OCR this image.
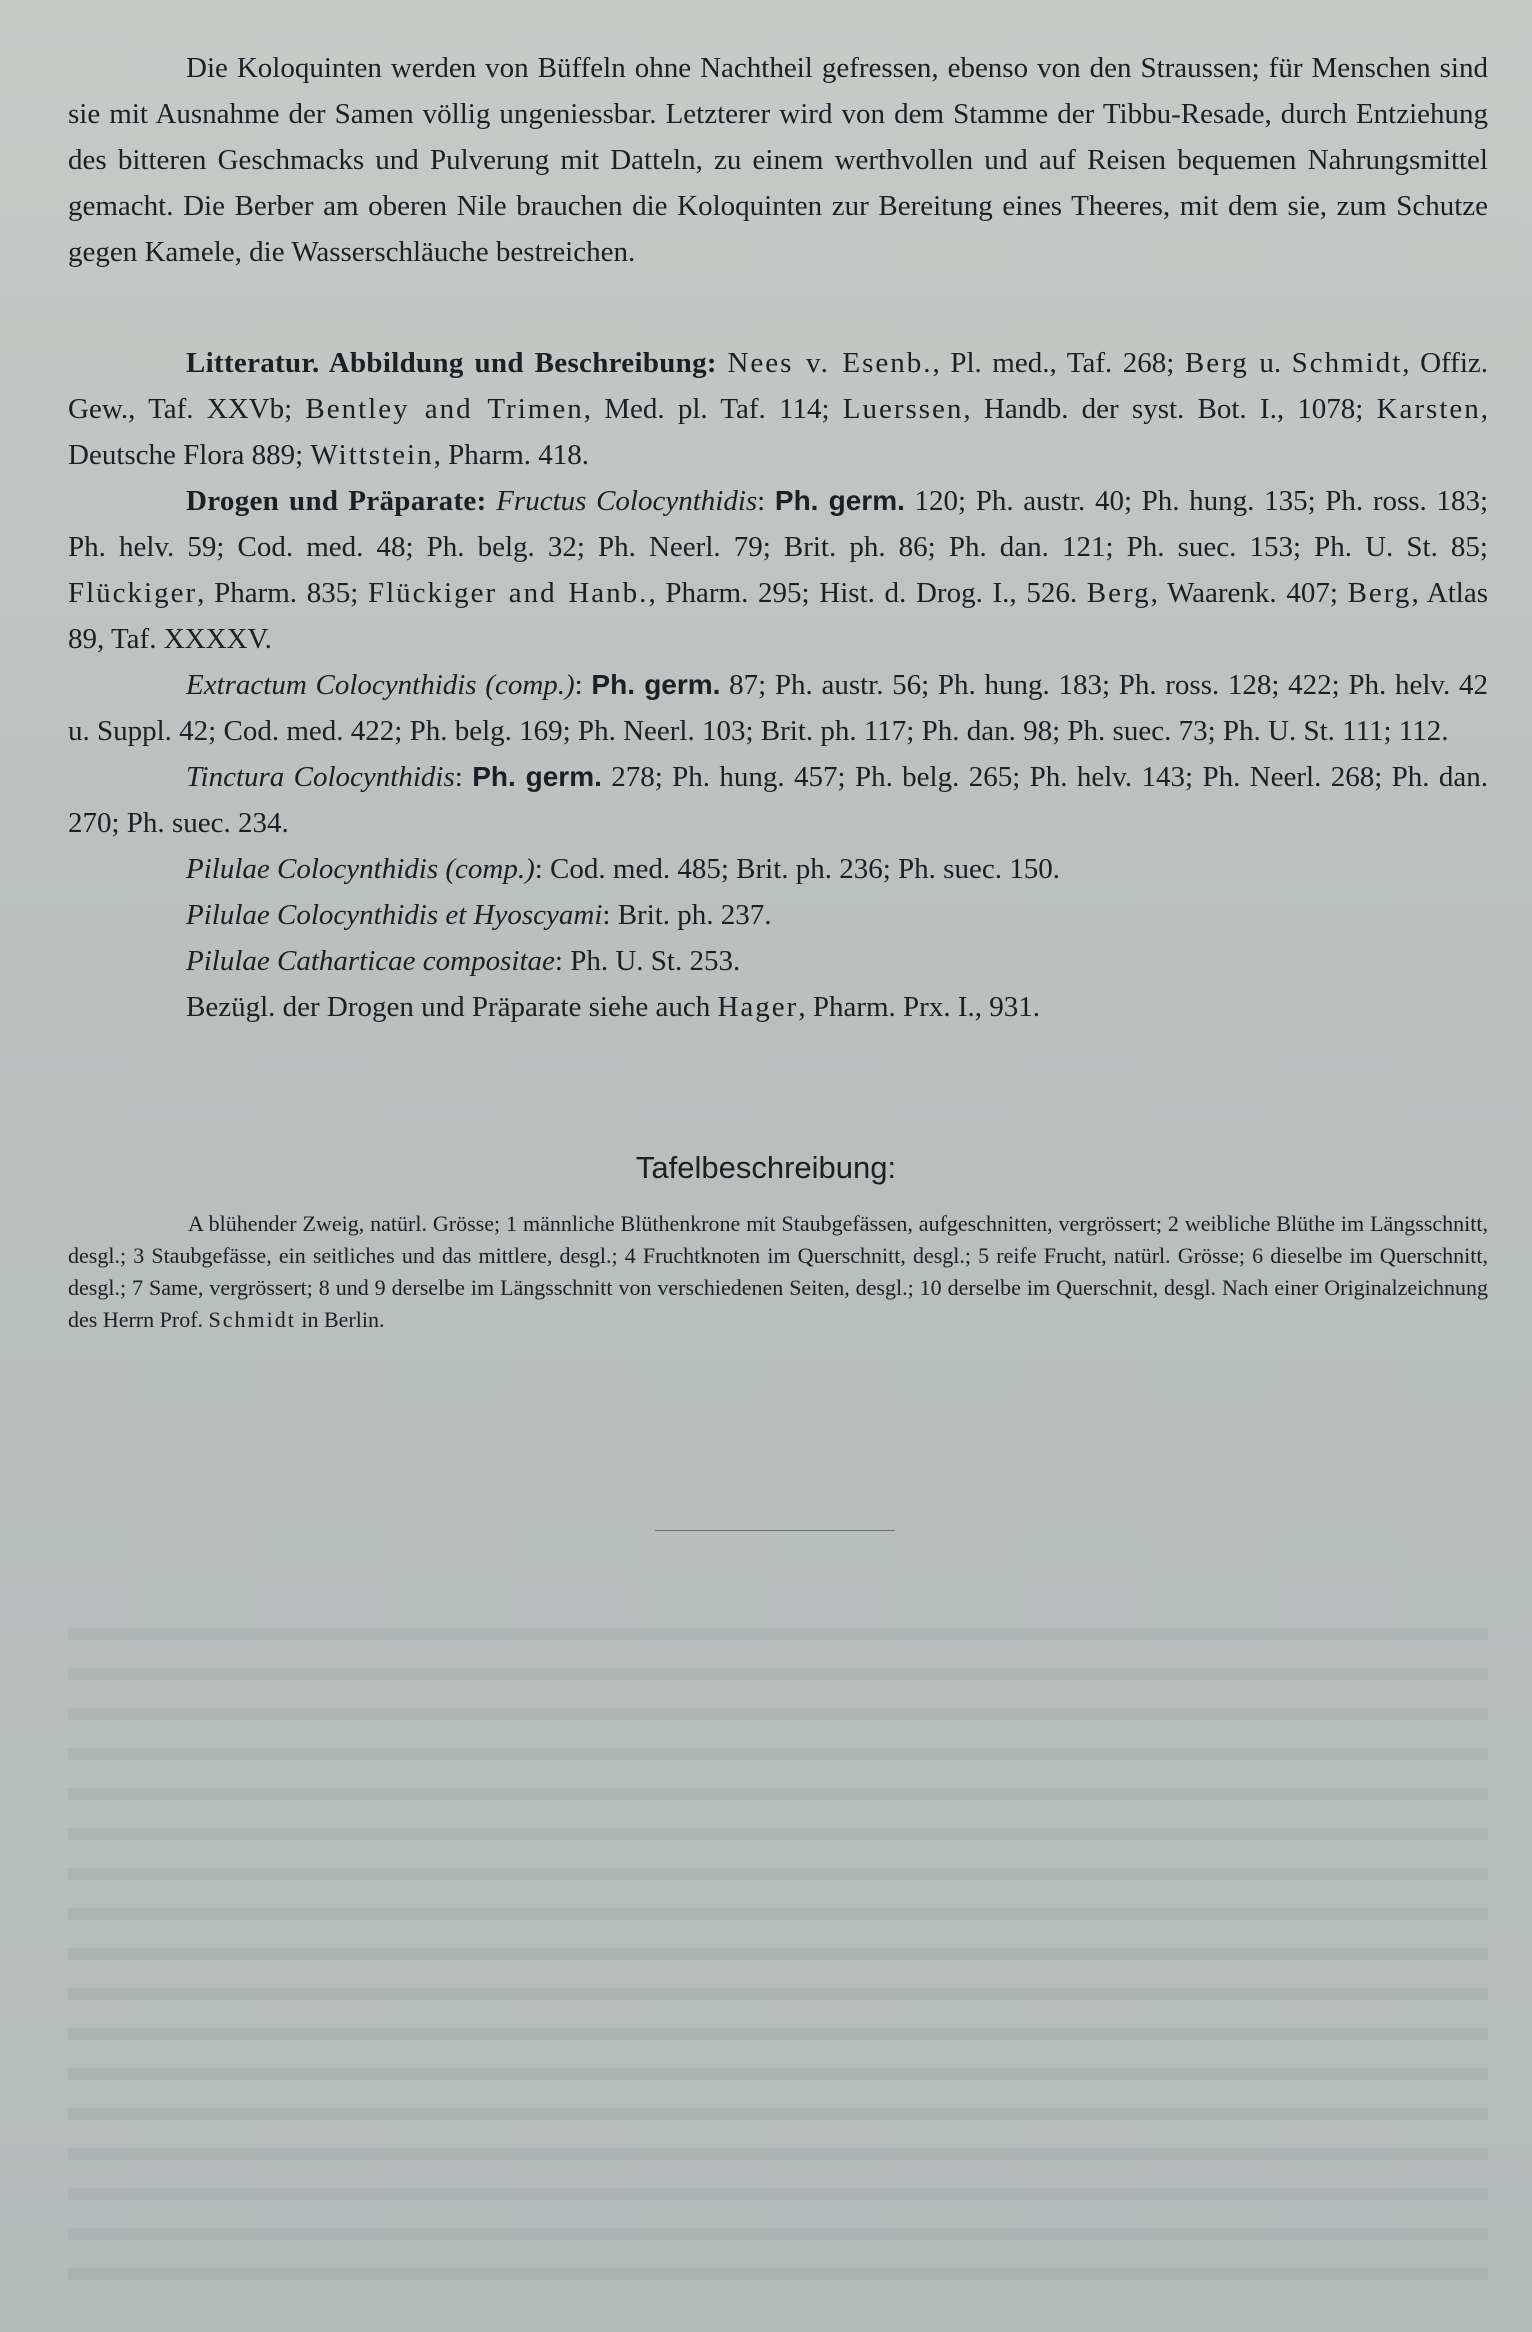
Die Koloquinten werden von Büffeln ohne Nachtheil gefressen, ebenso von den Straussen; für Menschen sind sie mit Ausnahme der Samen völlig ungeniessbar. Letzterer wird von dem Stamme der Tibbu-Resade, durch Entziehung des bitteren Geschmacks und Pulverung mit Datteln, zu einem werthvollen und auf Reisen bequemen Nahrungsmittel gemacht. Die Berber am oberen Nile brauchen die Koloquinten zur Bereitung eines Theeres, mit dem sie, zum Schutze gegen Kamele, die Wasserschläuche bestreichen.

Litteratur. Abbildung und Beschreibung: Nees v. Esenb., Pl. med., Taf. 268; Berg u. Schmidt, Offiz. Gew., Taf. XXVb; Bentley and Trimen, Med. pl. Taf. 114; Luerssen, Handb. der syst. Bot. I., 1078; Karsten, Deutsche Flora 889; Wittstein, Pharm. 418.

Drogen und Präparate: Fructus Colocynthidis: Ph. germ. 120; Ph. austr. 40; Ph. hung. 135; Ph. ross. 183; Ph. helv. 59; Cod. med. 48; Ph. belg. 32; Ph. Neerl. 79; Brit. ph. 86; Ph. dan. 121; Ph. suec. 153; Ph. U. St. 85; Flückiger, Pharm. 835; Flückiger and Hanb., Pharm. 295; Hist. d. Drog. I., 526. Berg, Waarenk. 407; Berg, Atlas 89, Taf. XXXXV.

Extractum Colocynthidis (comp.): Ph. germ. 87; Ph. austr. 56; Ph. hung. 183; Ph. ross. 128; 422; Ph. helv. 42 u. Suppl. 42; Cod. med. 422; Ph. belg. 169; Ph. Neerl. 103; Brit. ph. 117; Ph. dan. 98; Ph. suec. 73; Ph. U. St. 111; 112.

Tinctura Colocynthidis: Ph. germ. 278; Ph. hung. 457; Ph. belg. 265; Ph. helv. 143; Ph. Neerl. 268; Ph. dan. 270; Ph. suec. 234.

Pilulae Colocynthidis (comp.): Cod. med. 485; Brit. ph. 236; Ph. suec. 150.

Pilulae Colocynthidis et Hyoscyami: Brit. ph. 237.

Pilulae Catharticae compositae: Ph. U. St. 253.

Bezügl. der Drogen und Präparate siehe auch Hager, Pharm. Prx. I., 931.

Tafelbeschreibung:

A blühender Zweig, natürl. Grösse; 1 männliche Blüthenkrone mit Staubgefässen, aufgeschnitten, vergrössert; 2 weibliche Blüthe im Längsschnitt, desgl.; 3 Staubgefässe, ein seitliches und das mittlere, desgl.; 4 Fruchtknoten im Querschnitt, desgl.; 5 reife Frucht, natürl. Grösse; 6 dieselbe im Querschnitt, desgl.; 7 Same, vergrössert; 8 und 9 derselbe im Längsschnitt von verschiedenen Seiten, desgl.; 10 derselbe im Querschnit, desgl. Nach einer Originalzeichnung des Herrn Prof. Schmidt in Berlin.
